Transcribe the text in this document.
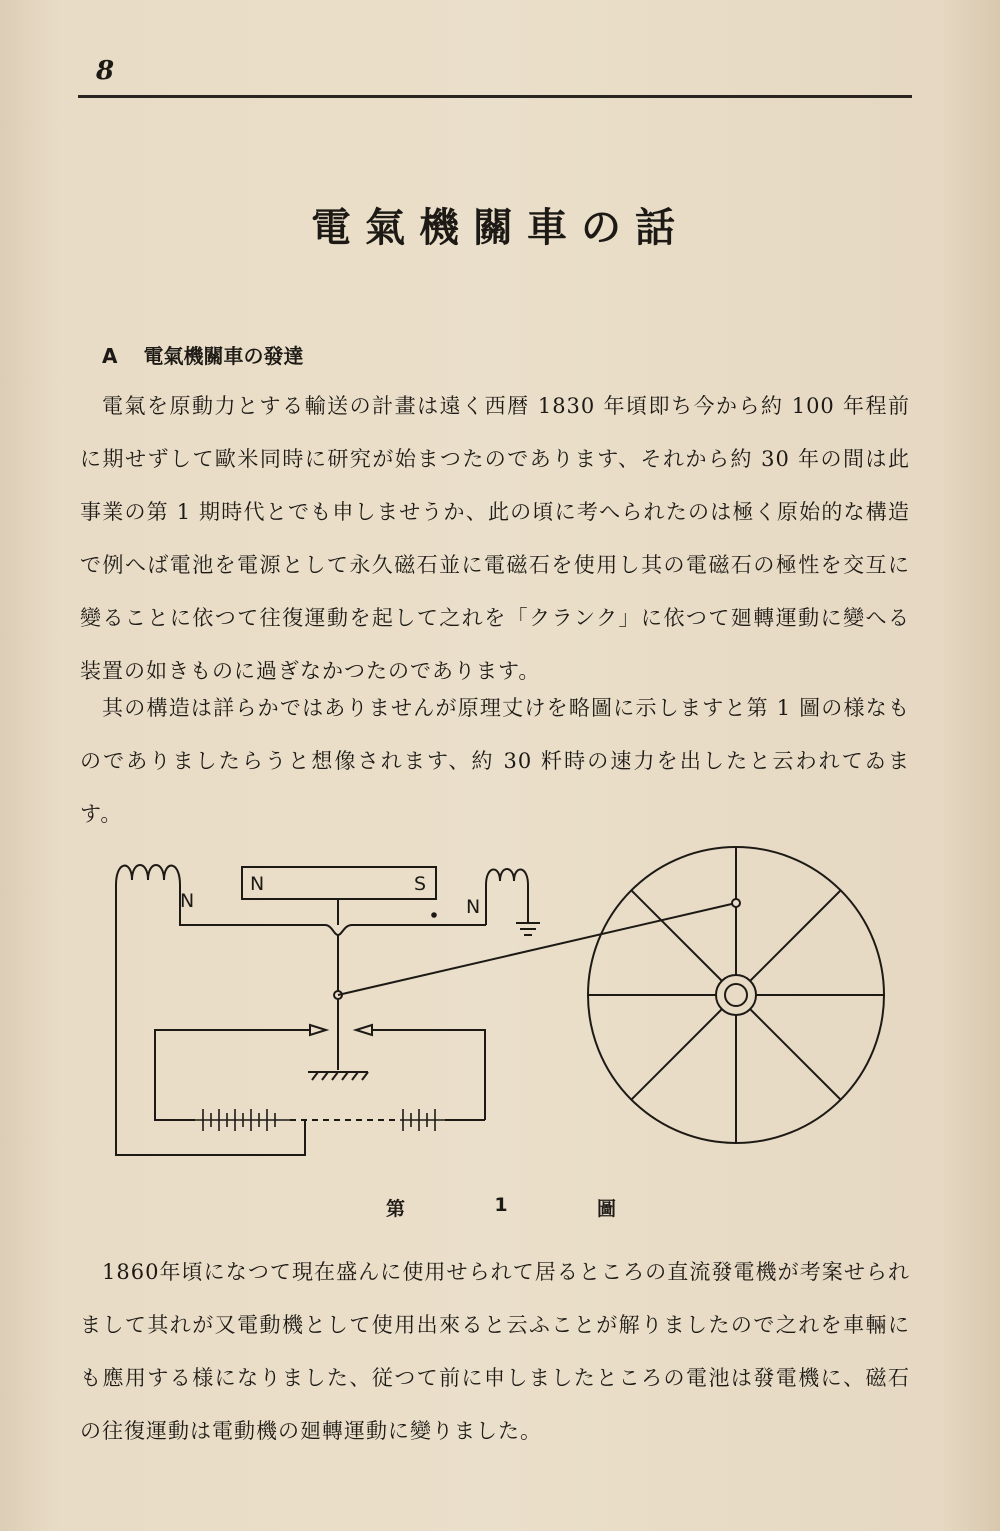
8
電氣機關車の話
A 電氣機關車の發達

電氣を原動力とする輸送の計畫は遠く西暦 1830 年頃即ち今から約 100 年程前に期せずして歐米同時に研究が始まつたのであります、それから約 30 年の間は此事業の第 1 期時代とでも申しませうか、此の頃に考へられたのは極く原始的な構造で例へば電池を電源として永久磁石並に電磁石を使用し其の電磁石の極性を交互に變ることに依つて往復運動を起して之れを「クランク」に依つて廻轉運動に變へる装置の如きものに過ぎなかつたのであります。

其の構造は詳らかではありませんが原理丈けを略圖に示しますと第 1 圖の様なものでありましたらうと想像されます、約 30 粁時の速力を出したと云われてゐます。

N	S
N	N
第	1	圖

1860年頃になつて現在盛んに使用せられて居るところの直流發電機が考案せられまして其れが又電動機として使用出來ると云ふことが解りましたので之れを車輛にも應用する様になりました、従つて前に申しましたところの電池は發電機に、磁石の往復運動は電動機の廻轉運動に變りました。
